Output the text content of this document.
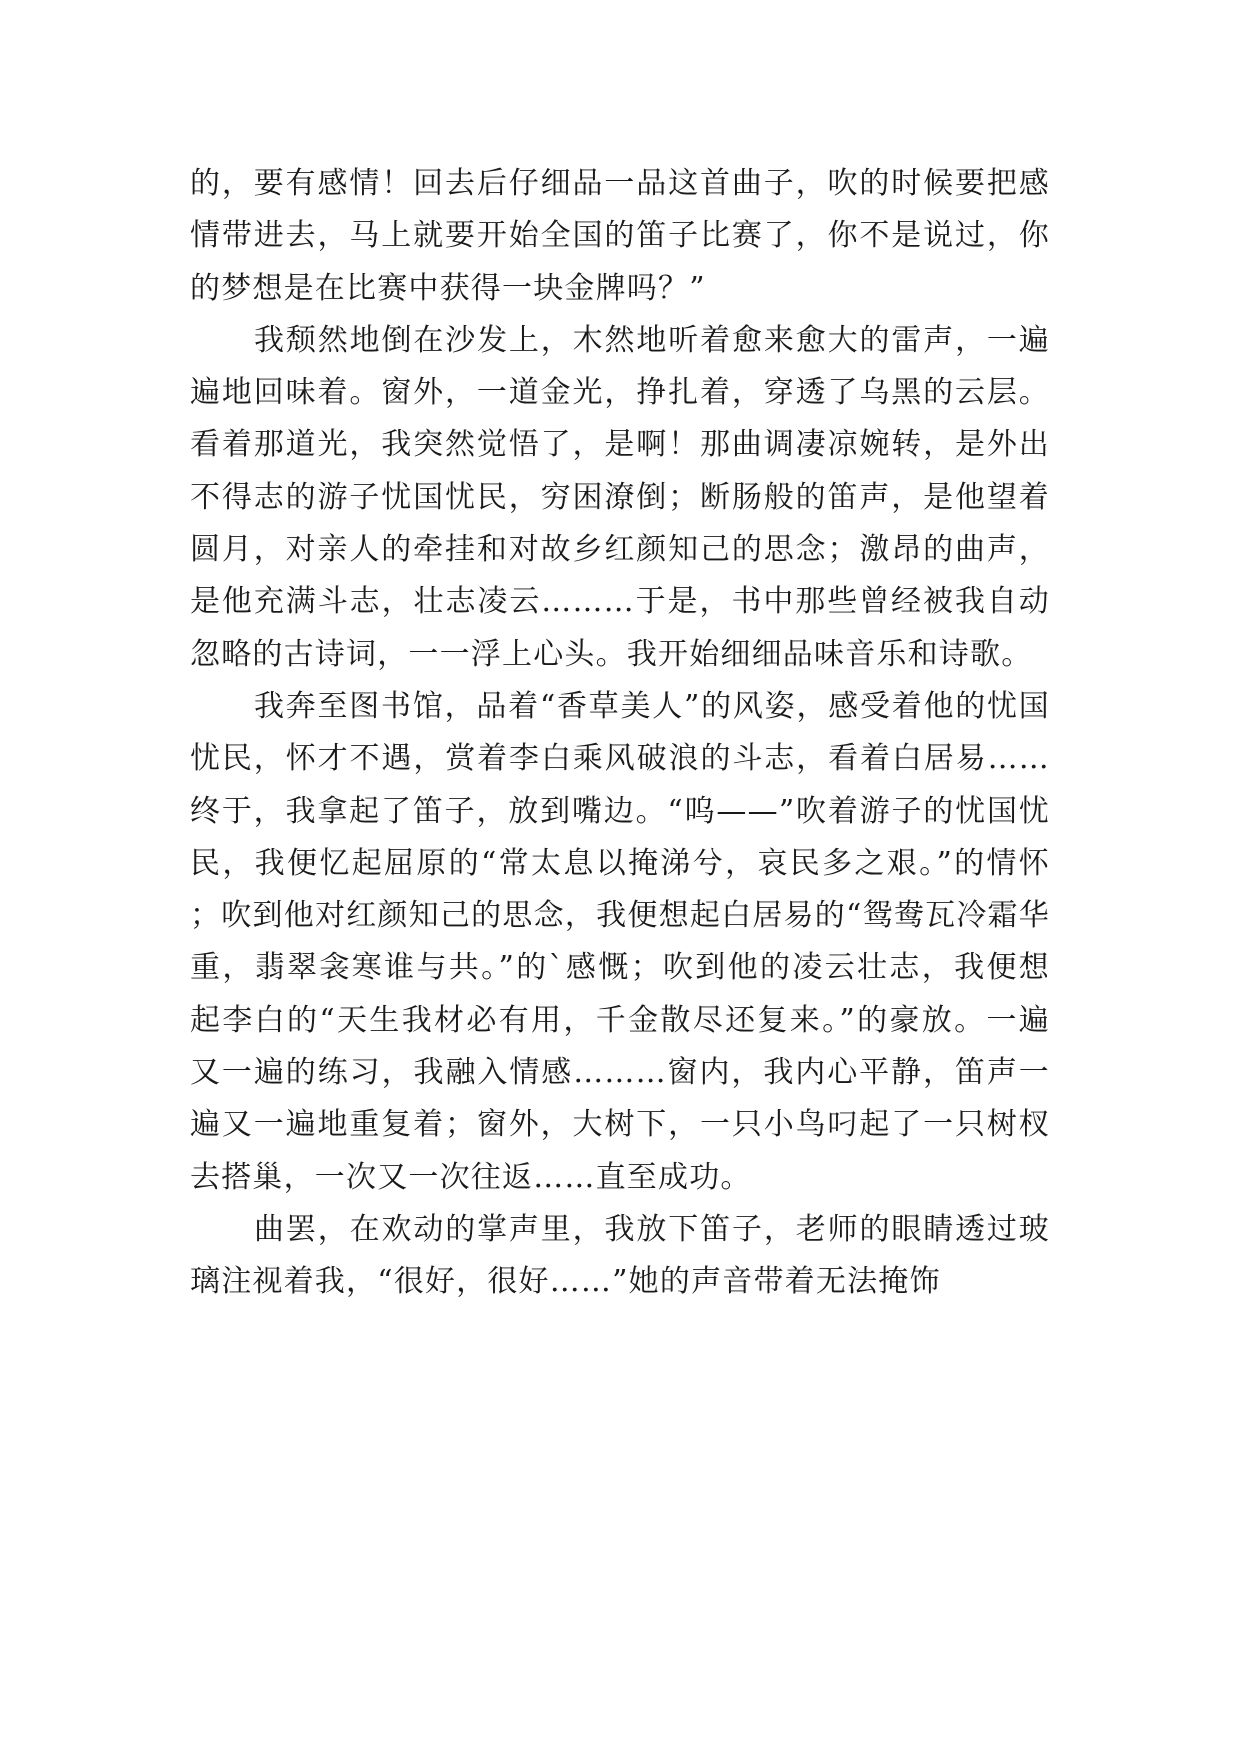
的，要有感情！回去后仔细品一品这首曲子，吹的时候要把感情带进去，马上就要开始全国的笛子比赛了，你不是说过，你的梦想是在比赛中获得一块金牌吗？”

我颓然地倒在沙发上，木然地听着愈来愈大的雷声，一遍遍地回味着。窗外，一道金光，挣扎着，穿透了乌黑的云层。看着那道光，我突然觉悟了，是啊！那曲调凄凉婉转，是外出不得志的游子忧国忧民，穷困潦倒；断肠般的笛声，是他望着圆月，对亲人的牵挂和对故乡红颜知己的思念；激昂的曲声，是他充满斗志，壮志凌云………于是，书中那些曾经被我自动忽略的古诗词，一一浮上心头。我开始细细品味音乐和诗歌。

我奔至图书馆，品着“香草美人”的风姿，感受着他的忧国忧民，怀才不遇，赏着李白乘风破浪的斗志，看着白居易……终于，我拿起了笛子，放到嘴边。“呜——”吹着游子的忧国忧民，我便忆起屈原的“常太息以掩涕兮，哀民多之艰。”的情怀；吹到他对红颜知己的思念，我便想起白居易的“鸳鸯瓦冷霜华重，翡翠衾寒谁与共。”的`感慨；吹到他的凌云壮志，我便想起李白的“天生我材必有用，千金散尽还复来。”的豪放。一遍又一遍的练习，我融入情感………窗内，我内心平静，笛声一遍又一遍地重复着；窗外，大树下，一只小鸟叼起了一只树杈去搭巢，一次又一次往返……直至成功。

曲罢，在欢动的掌声里，我放下笛子，老师的眼睛透过玻璃注视着我，“很好，很好……”她的声音带着无法掩饰
